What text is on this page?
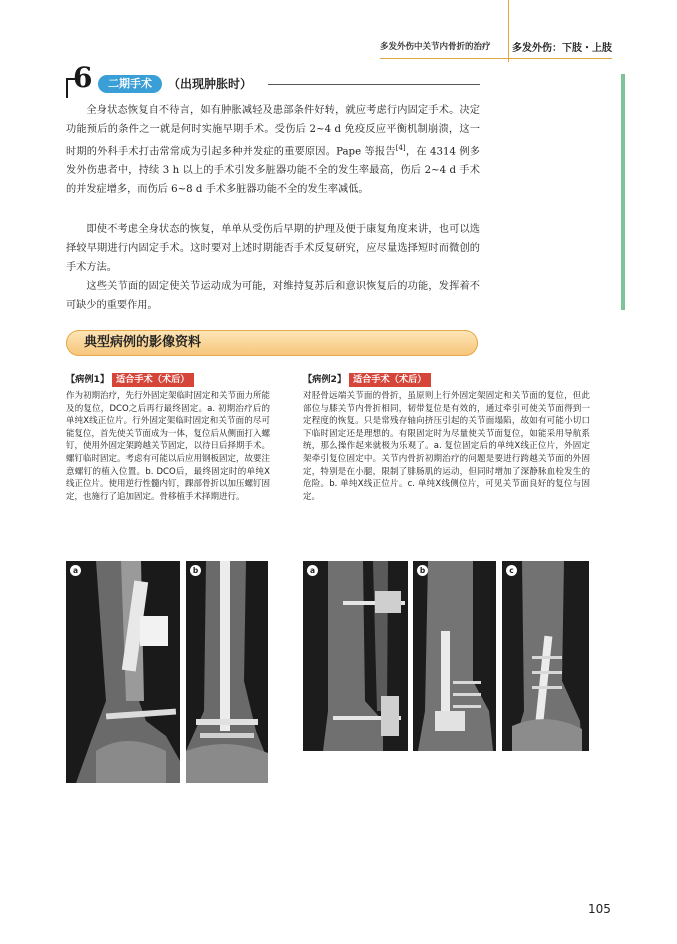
多发外伤中关节内骨折的治疗 多发外伤：下肢・上肢
6	二期手术	（出现肿胀时）

全身状态恢复自不待言，如有肿胀减轻及患部条件好转，就应考虑行内固定手术。决定功能预后的条件之一就是何时实施早期手术。受伤后 2~4 d 免疫反应平衡机制崩溃，这一时期的外科手术打击常常成为引起多种并发症的重要原因。Pape 等报告[4]，在 4314 例多发外伤患者中，持续 3 h 以上的手术引发多脏器功能不全的发生率最高，伤后 2~4 d 手术的并发症增多，而伤后 6~8 d 手术多脏器功能不全的发生率减低。

即使不考虑全身状态的恢复，单单从受伤后早期的护理及便于康复角度来讲，也可以选择较早期进行内固定手术。这时要对上述时期能否手术反复研究，应尽量选择短时而微创的手术方法。

这些关节面的固定使关节运动成为可能，对维持复苏后和意识恢复后的功能，发挥着不可缺少的重要作用。

典型病例的影像资料
【病例1】 适合手术（术后）

作为初期治疗，先行外固定架临时固定和关节面力所能及的复位，DCO之后再行最终固定。a. 初期治疗后的单纯X线正位片。行外固定架临时固定和关节面的尽可能复位，首先使关节面成为一体，复位后从侧面打入螺钉，使用外固定架跨越关节固定，以待日后择期手术。螺钉临时固定。考虑有可能以后应用钢板固定，故要注意螺钉的植入位置。b. DCO后，最终固定时的单纯X线正位片。使用逆行性髓内钉，踝部骨折以加压螺钉固定，也施行了追加固定。骨移植手术择期进行。

【病例2】 适合手术（术后）

对胫骨远端关节面的骨折，虽原则上行外固定架固定和关节面的复位，但此部位与膝关节内骨折相同，韧带复位是有效的，通过牵引可使关节面得到一定程度的恢复。只是常残存轴向挤压引起的关节面塌陷，故如有可能小切口下临时固定还是理想的。有限固定时为尽量使关节面复位，如能采用导航系统，那么操作起来就极为乐观了。a. 复位固定后的单纯X线正位片，外固定架牵引复位固定中。关节内骨折初期治疗的问题是要进行跨越关节面的外固定，特别是在小腿，限制了腓肠肌的运动，但同时增加了深静脉血栓发生的危险。b. 单纯X线正位片。c. 单纯X线侧位片，可见关节面良好的复位与固定。

a	b	a	b	c
105
